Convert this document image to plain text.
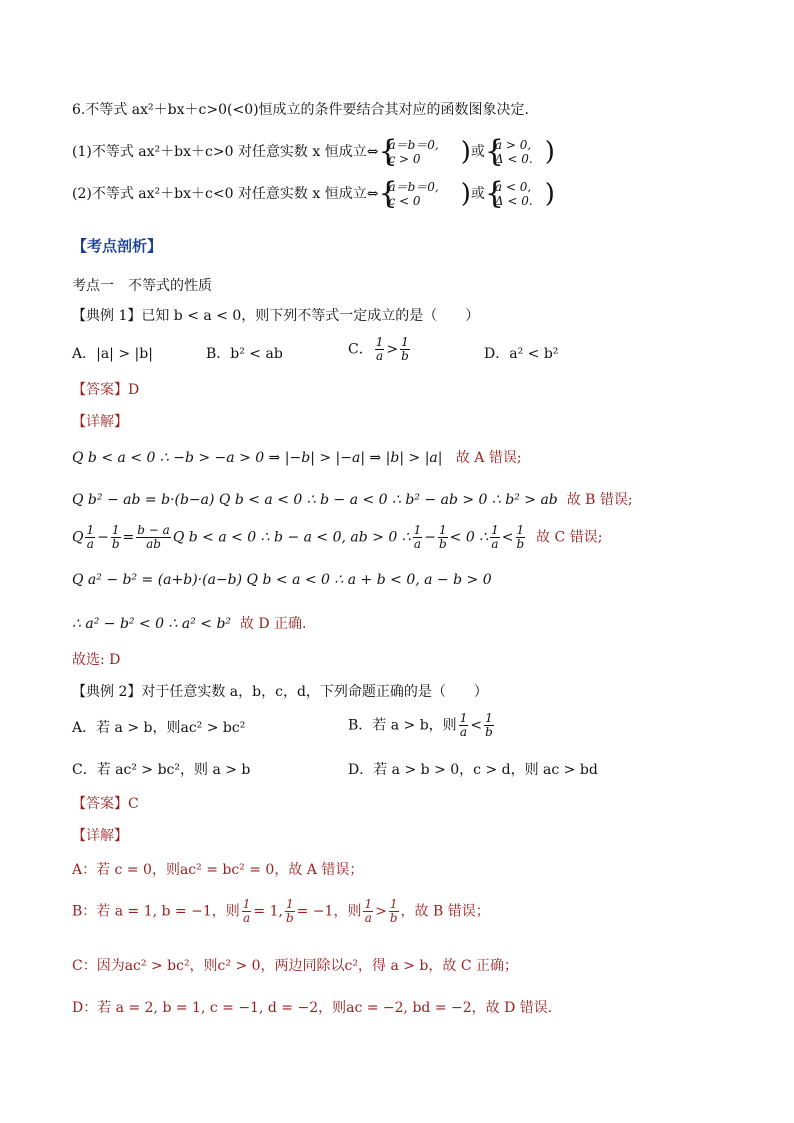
6.不等式 ax²＋bx＋c>0(<0)恒成立的条件要结合其对应的函数图象决定.
(1)不等式 ax²＋bx＋c>0 对任意实数 x 恒成立⇔ { a＝b＝0,
c > 0	)或 { a > 0,
Δ < 0. )
(2)不等式 ax²＋bx＋c<0 对任意实数 x 恒成立⇔ { a＝b＝0,
c < 0	)或 { a < 0,
Δ < 0. )
【考点剖析】
考点一　不等式的性质
【典例 1】已知 b < a < 0，则下列不等式一定成立的是（　　）
A．|a| > |b|	B．b² < ab	C． $\frac{1}{a} > \frac{1}{b}$	D．a² < b²
【答案】D
【详解】
Q b < a < 0 ∴ −b > −a > 0 ⇒ |−b| > |−a| ⇒ |b| > |a| 故 A 错误;
Q b² − ab = b·(b−a) Q b < a < 0 ∴ b − a < 0 ∴ b² − ab > 0 ∴ b² > ab 故 B 错误;
Q $\frac{1}{a} - \frac{1}{b} = \frac{b - a}{ab}$ Q b < a < 0 ∴ b − a < 0, ab > 0 ∴ $\frac{1}{a} - \frac{1}{b} < 0$ ∴ $\frac{1}{a} < \frac{1}{b}$ 故 C 错误;
Q a² − b² = (a+b)·(a−b) Q b < a < 0 ∴ a + b < 0, a − b > 0
∴ a² − b² < 0 ∴ a² < b² 故 D 正确.
故选: D
【典例 2】对于任意实数 a，b，c，d，下列命题正确的是（　　）
A．若 a > b，则ac² > bc²	B．若 a > b，则 $\frac{1}{a} < \frac{1}{b}$
C．若 ac² > bc²，则 a > b	D．若 a > b > 0，c > d，则 ac > bd
【答案】C
【详解】
A：若 c = 0，则ac² = bc² = 0，故 A 错误；
B：若 a = 1, b = −1，则 $\frac{1}{a} = 1$, $\frac{1}{b} = -1$，则 $\frac{1}{a} > \frac{1}{b}$ ，故 B 错误；
C：因为ac² > bc²，则c² > 0，两边同除以c²，得 a > b，故 C 正确；
D：若 a = 2, b = 1, c = −1, d = −2，则ac = −2, bd = −2，故 D 错误.
